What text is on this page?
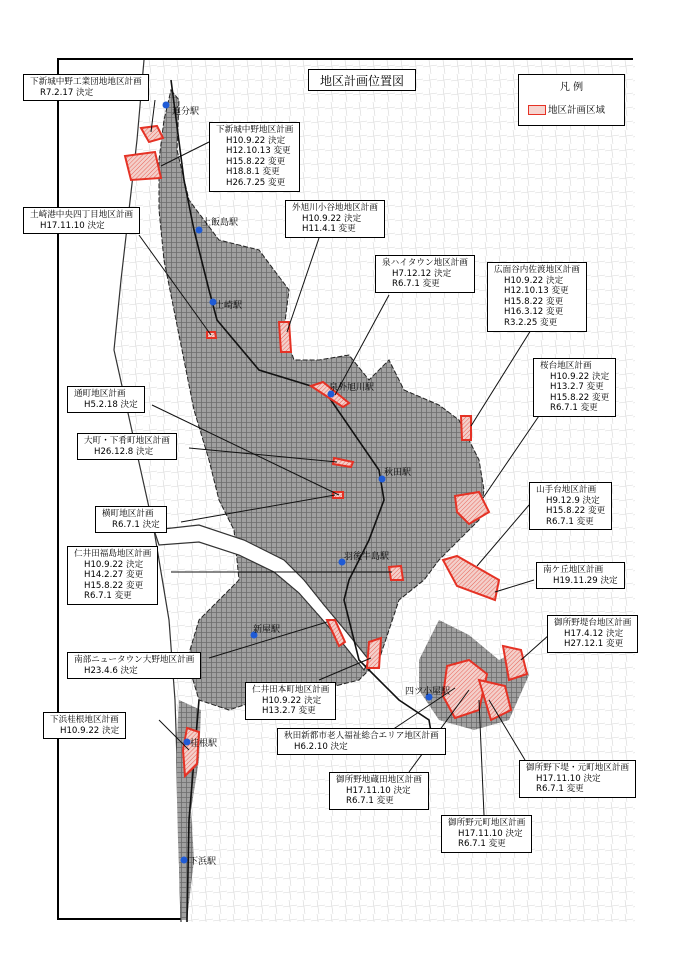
地区計画位置図	凡 例
地区計画区域
追分駅
上飯島駅
土崎駅
泉外旭川駅
秋田駅
羽後牛島駅
新屋駅
四ツ小屋駅
桂根駅
下浜駅
下新城中野工業団地地区計画
R7.2.17 決定
下新城中野地区計画
H10.9.22 決定
H12.10.13 変更
H15.8.22 変更
H18.8.1 変更
H26.7.25 変更
土崎港中央四丁目地区計画
H17.11.10 決定
外旭川小谷地地区計画
H10.9.22 決定
H11.4.1 変更
泉ハイタウン地区計画
H7.12.12 決定
R6.7.1 変更
広面谷内佐渡地区計画
H10.9.22 決定
H12.10.13 変更
H15.8.22 変更
H16.3.12 変更
R3.2.25 変更
桜台地区計画
H10.9.22 決定
H13.2.7 変更
H15.8.22 変更
R6.7.1 変更
通町地区計画
H5.2.18 決定
大町・下肴町地区計画
H26.12.8 決定
山手台地区計画
H9.12.9 決定
H15.8.22 変更
R6.7.1 変更
横町地区計画
R6.7.1 決定
仁井田福島地区計画
H10.9.22 決定
H14.2.27 変更
H15.8.22 変更
R6.7.1 変更
南ケ丘地区計画
H19.11.29 決定
御所野堤台地区計画
H17.4.12 決定
H27.12.1 変更
南部ニュータウン大野地区計画
H23.4.6 決定
仁井田本町地区計画
H10.9.22 決定
H13.2.7 変更
秋田新都市老人福祉総合エリア地区計画
H6.2.10 決定
下浜桂根地区計画
H10.9.22 決定
御所野地蔵田地区計画
H17.11.10 決定
R6.7.1 変更
御所野下堤・元町地区計画
H17.11.10 決定
R6.7.1 変更
御所野元町地区計画
H17.11.10 決定
R6.7.1 変更
